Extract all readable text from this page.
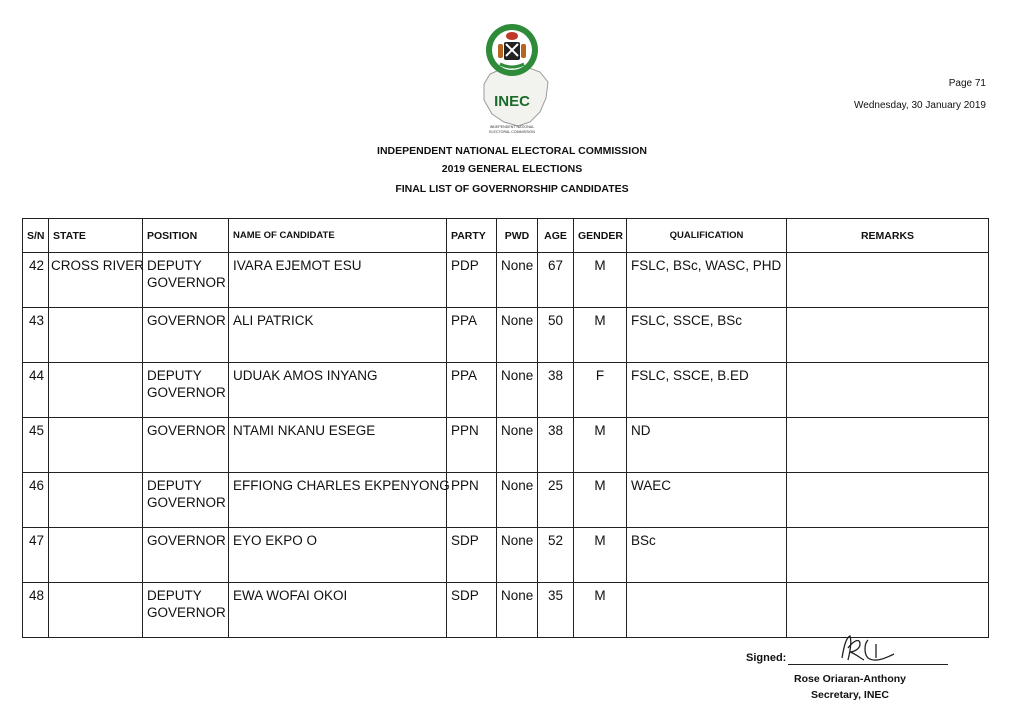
INEC
INDEPENDENT NATIONAL
ELECTORAL COMMISSION
Page 71
Wednesday, 30 January 2019
INDEPENDENT NATIONAL ELECTORAL COMMISSION
2019 GENERAL ELECTIONS
FINAL LIST OF GOVERNORSHIP CANDIDATES
S/N	STATE	POSITION	NAME OF CANDIDATE	PARTY	PWD	AGE	GENDER	QUALIFICATION	REMARKS
42	CROSS RIVER	DEPUTY GOVERNOR	IVARA EJEMOT ESU	PDP	None	67	M	FSLC, BSc, WASC, PHD	
43		GOVERNOR	ALI PATRICK	PPA	None	50	M	FSLC, SSCE, BSc	
44		DEPUTY GOVERNOR	UDUAK AMOS INYANG	PPA	None	38	F	FSLC, SSCE, B.ED	
45		GOVERNOR	NTAMI NKANU ESEGE	PPN	None	38	M	ND	
46		DEPUTY GOVERNOR	EFFIONG CHARLES EKPENYONG	PPN	None	25	M	WAEC	
47		GOVERNOR	EYO EKPO O	SDP	None	52	M	BSc	
48		DEPUTY GOVERNOR	EWA WOFAI OKOI	SDP	None	35	M		
Signed:
Rose Oriaran-Anthony
Secretary, INEC
